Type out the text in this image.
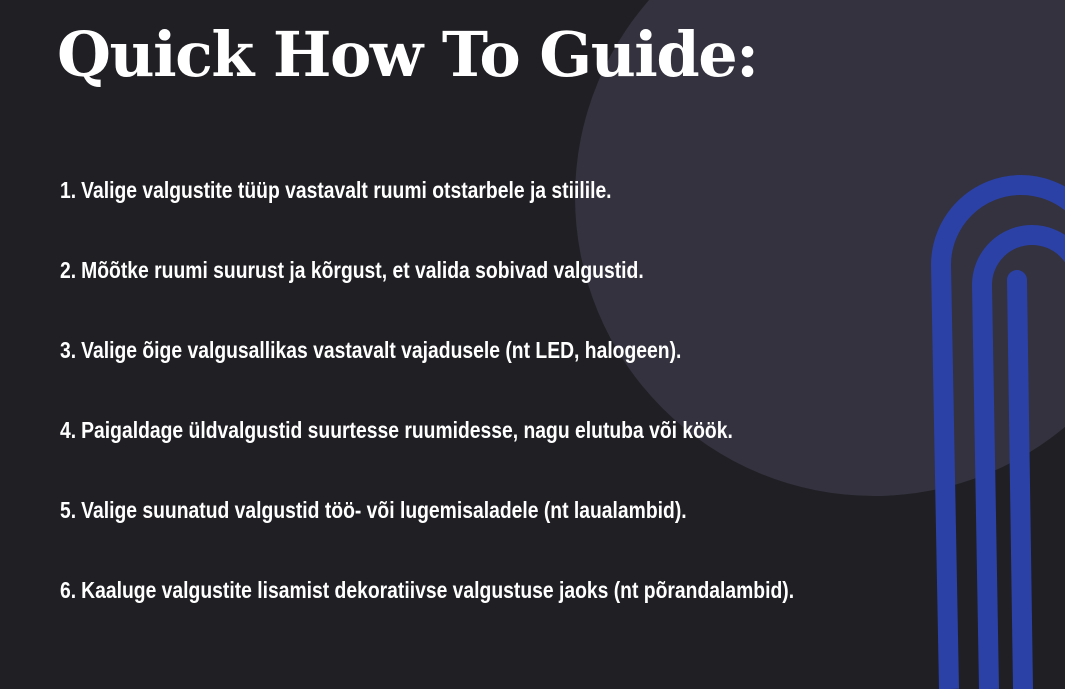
Quick How To Guide:
1. Valige valgustite tüüp vastavalt ruumi otstarbele ja stiilile.
2. Mõõtke ruumi suurust ja kõrgust, et valida sobivad valgustid.
3. Valige õige valgusallikas vastavalt vajadusele (nt LED, halogeen).
4. Paigaldage üldvalgustid suurtesse ruumidesse, nagu elutuba või köök.
5. Valige suunatud valgustid töö- või lugemisaladele (nt laualambid).
6. Kaaluge valgustite lisamist dekoratiivse valgustuse jaoks (nt põrandalambid).
